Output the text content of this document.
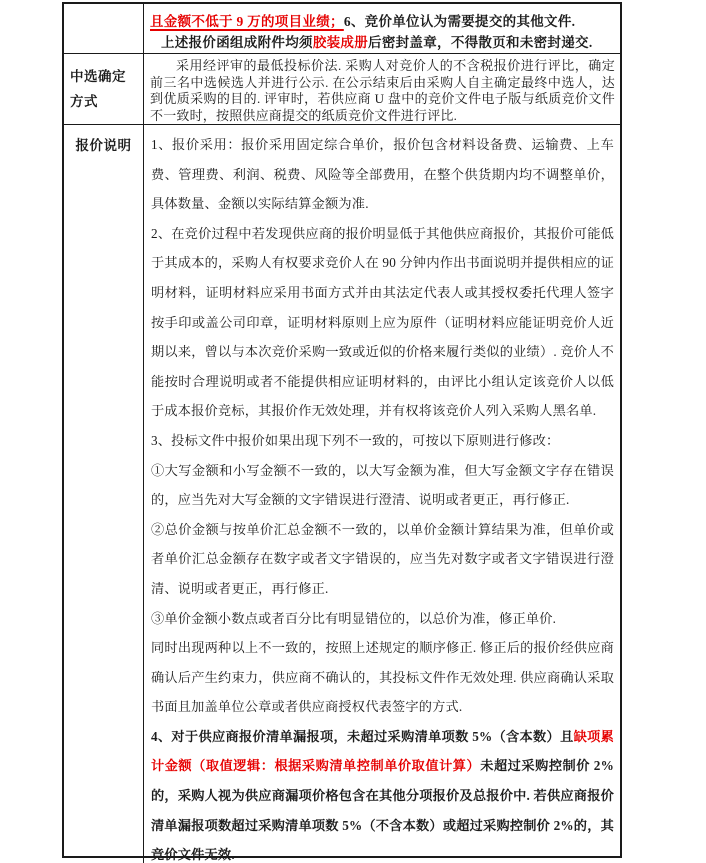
且金额不低于 9 万的项目业绩；6、竞价单位认为需要提交的其他文件.
上述报价函组成附件均须胶装成册后密封盖章，不得散页和未密封递交.
中选确定方式

采用经评审的最低投标价法. 采购人对竞价人的不含税报价进行评比，确定前三名中选候选人并进行公示. 在公示结束后由采购人自主确定最终中选人，达到优质采购的目的. 评审时，若供应商 U 盘中的竞价文件电子版与纸质竞价文件不一致时，按照供应商提交的纸质竞价文件进行评比.

报价说明	1、报价采用：报价采用固定综合单价，报价包含材料设备费、运输费、上车费、管理费、利润、税费、风险等全部费用，在整个供货期内均不调整单价，具体数量、金额以实际结算金额为准.

2、在竞价过程中若发现供应商的报价明显低于其他供应商报价，其报价可能低于其成本的，采购人有权要求竞价人在 90 分钟内作出书面说明并提供相应的证明材料，证明材料应采用书面方式并由其法定代表人或其授权委托代理人签字按手印或盖公司印章，证明材料原则上应为原件（证明材料应能证明竞价人近期以来，曾以与本次竞价采购一致或近似的价格来履行类似的业绩）. 竞价人不能按时合理说明或者不能提供相应证明材料的，由评比小组认定该竞价人以低于成本报价竞标，其报价作无效处理，并有权将该竞价人列入采购人黑名单.

3、投标文件中报价如果出现下列不一致的，可按以下原则进行修改：

①大写金额和小写金额不一致的，以大写金额为准，但大写金额文字存在错误的，应当先对大写金额的文字错误进行澄清、说明或者更正，再行修正.

②总价金额与按单价汇总金额不一致的，以单价金额计算结果为准，但单价或者单价汇总金额存在数字或者文字错误的，应当先对数字或者文字错误进行澄清、说明或者更正，再行修正.

③单价金额小数点或者百分比有明显错位的，以总价为准，修正单价.

同时出现两种以上不一致的，按照上述规定的顺序修正. 修正后的报价经供应商确认后产生约束力，供应商不确认的，其投标文件作无效处理. 供应商确认采取书面且加盖单位公章或者供应商授权代表签字的方式.

4、对于供应商报价清单漏报项，未超过采购清单项数 5%（含本数）且缺项累计金额（取值逻辑：根据采购清单控制单价取值计算）未超过采购控制价 2%的，采购人视为供应商漏项价格包含在其他分项报价及总报价中. 若供应商报价清单漏报项数超过采购清单项数 5%（不含本数）或超过采购控制价 2%的，其竞价文件无效.
